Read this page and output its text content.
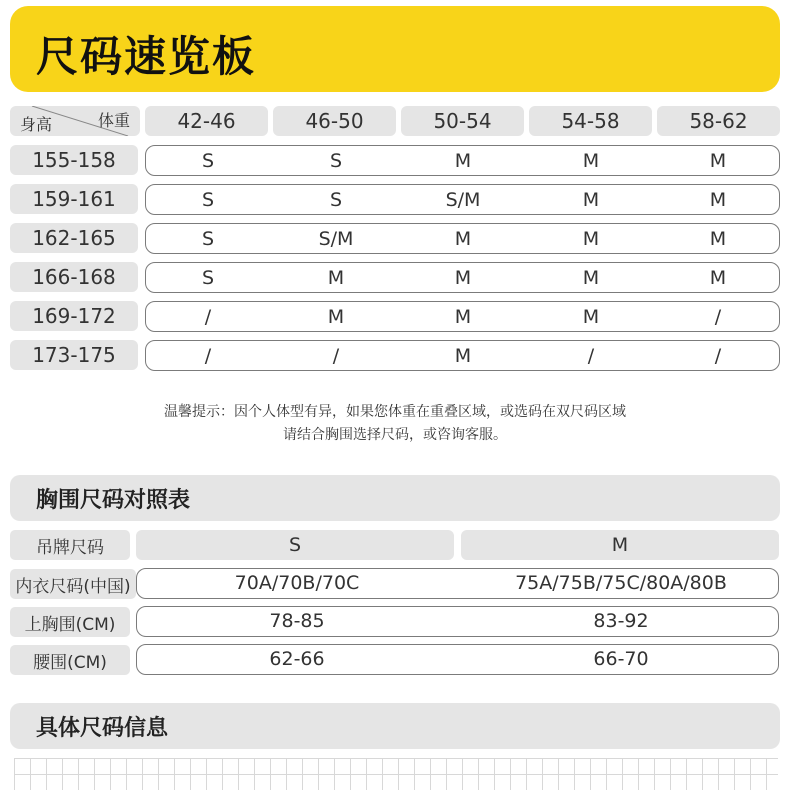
尺码速览板
体重
身高	42-46	46-50	50-54	54-58	58-62
155-158	S	S	M	M	M
159-161	S	S	S/M	M	M
162-165	S	S/M	M	M	M
166-168	S	M	M	M	M
169-172	/	M	M	M	/
173-175	/	/	M	/	/
温馨提示：因个人体型有异，如果您体重在重叠区域，或选码在双尺码区域
请结合胸围选择尺码，或咨询客服。
胸围尺码对照表
吊牌尺码	S	M
内衣尺码(中国)	70A/70B/70C	75A/75B/75C/80A/80B
上胸围(CM)	78-85	83-92
腰围(CM)	62-66	66-70
具体尺码信息
